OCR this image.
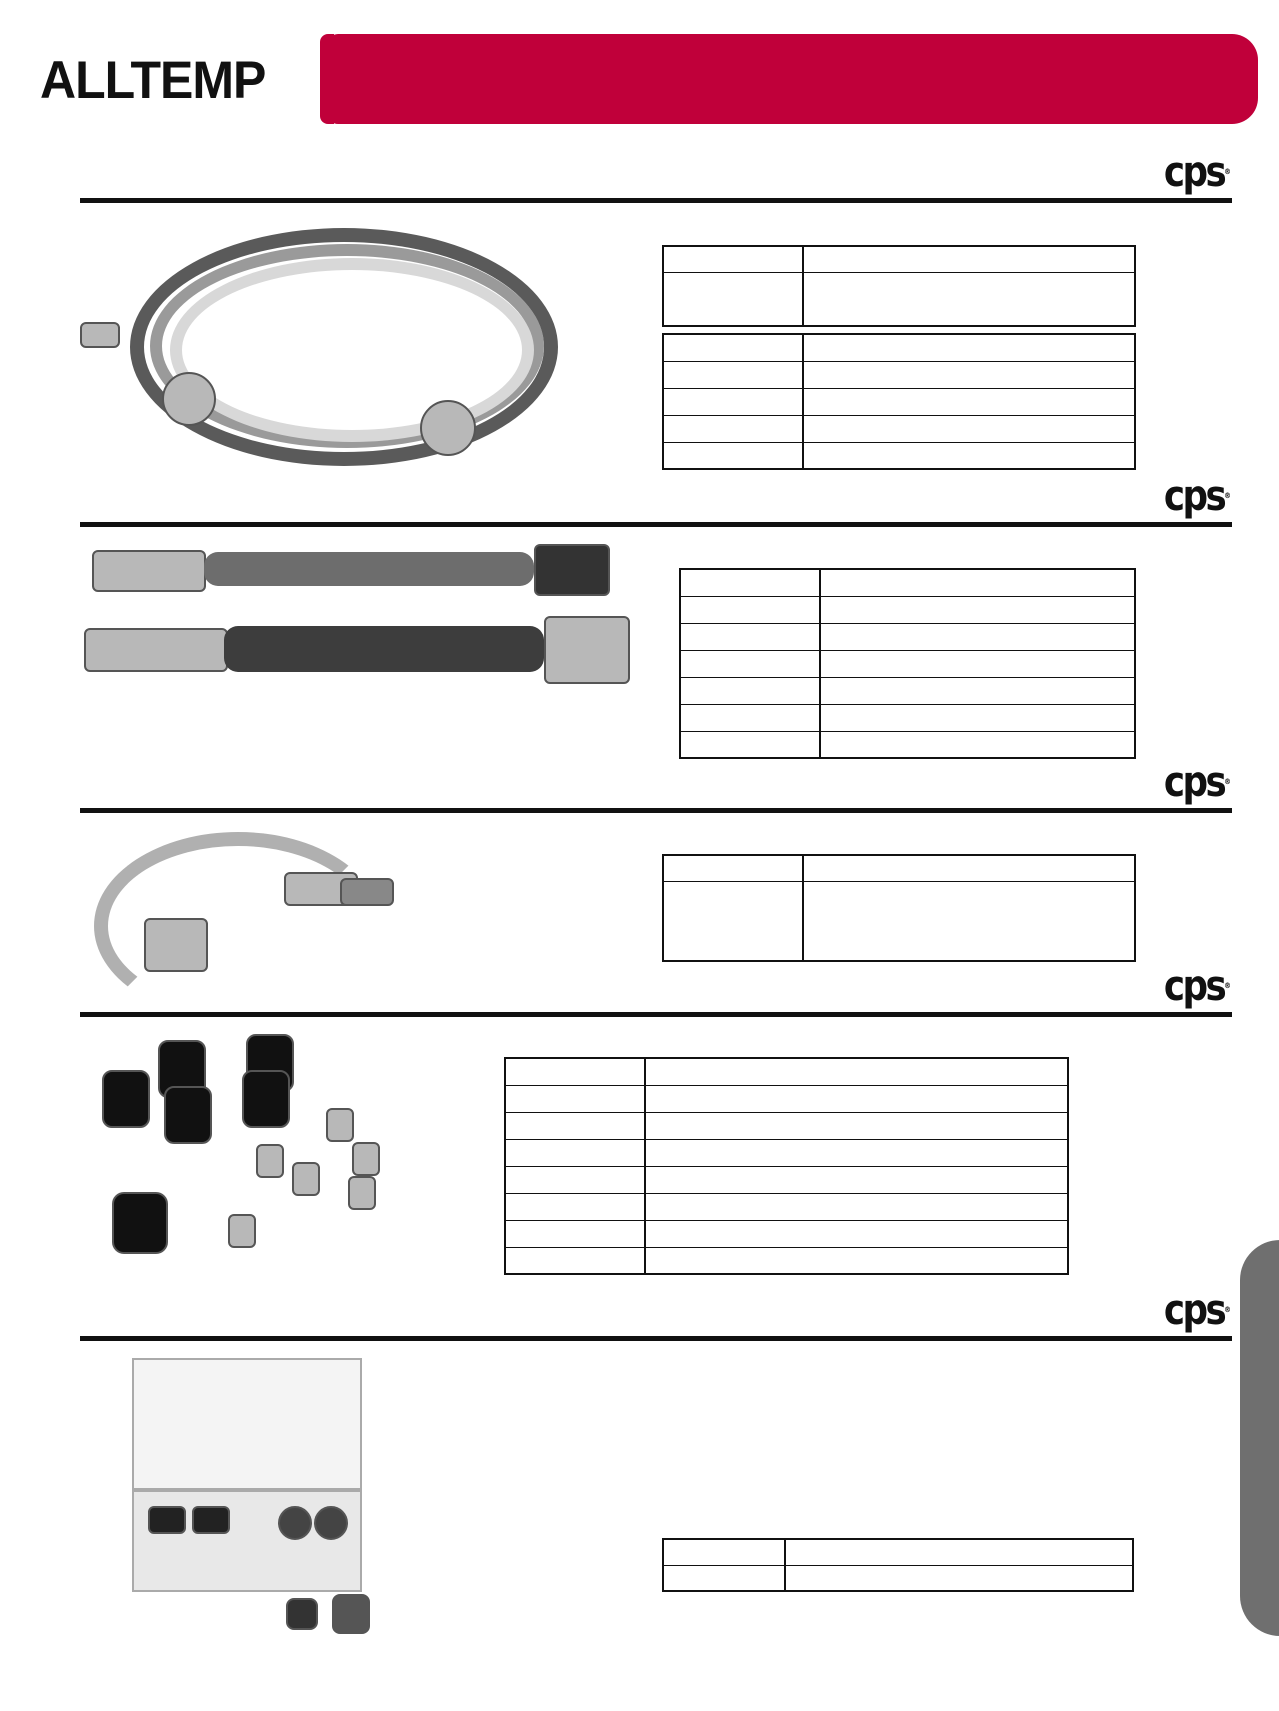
ALLTEMP
cps®

cps®

cps®

cps®

cps®
